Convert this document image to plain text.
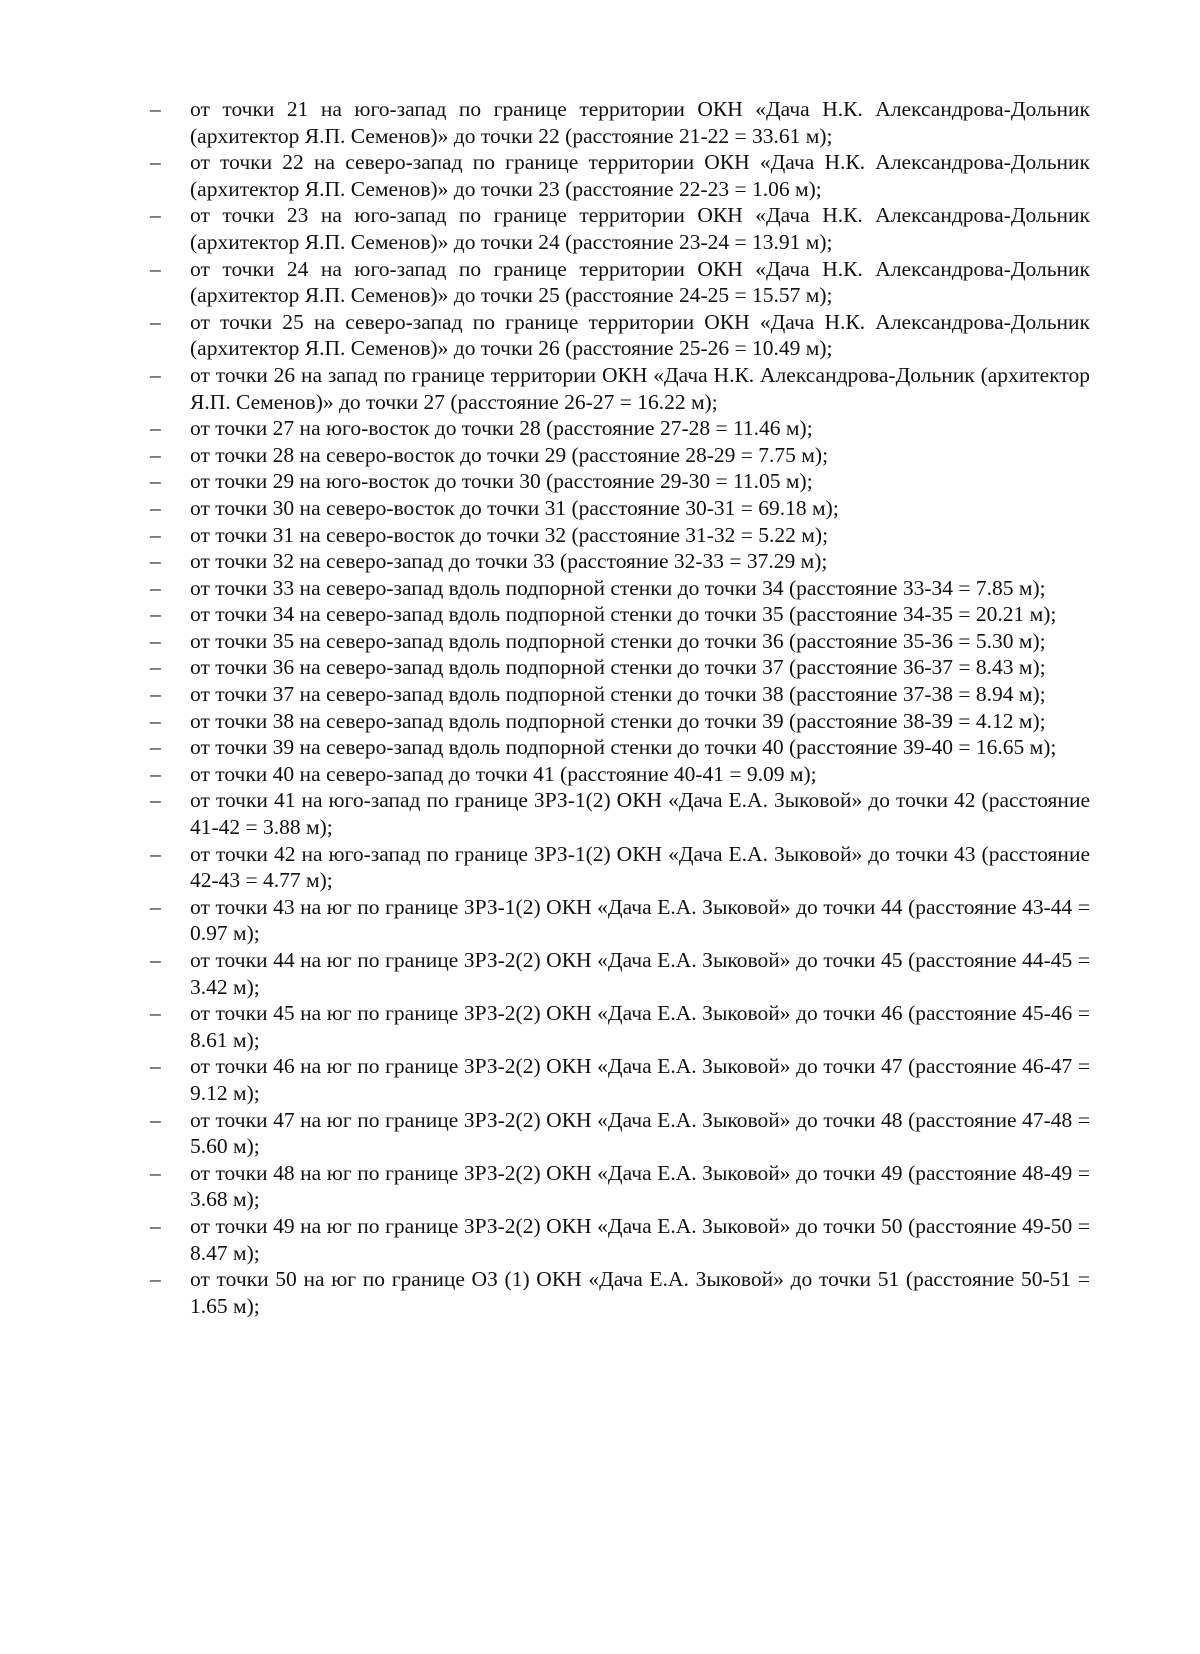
–	от точки 21 на юго-запад по границе территории ОКН «Дача Н.К. Александрова-Дольник (архитектор Я.П. Семенов)» до точки 22 (расстояние 21-22 = 33.61 м);
–	от точки 22 на северо-запад по границе территории ОКН «Дача Н.К. Александрова-Дольник (архитектор Я.П. Семенов)» до точки 23 (расстояние 22-23 = 1.06 м);
–	от точки 23 на юго-запад по границе территории ОКН «Дача Н.К. Александрова-Дольник (архитектор Я.П. Семенов)» до точки 24 (расстояние 23-24 = 13.91 м);
–	от точки 24 на юго-запад по границе территории ОКН «Дача Н.К. Александрова-Дольник (архитектор Я.П. Семенов)» до точки 25 (расстояние 24-25 = 15.57 м);
–	от точки 25 на северо-запад по границе территории ОКН «Дача Н.К. Александрова-Дольник (архитектор Я.П. Семенов)» до точки 26 (расстояние 25-26 = 10.49 м);
–	от точки 26 на запад по границе территории ОКН «Дача Н.К. Александрова-Дольник (архитектор Я.П. Семенов)» до точки 27 (расстояние 26-27 = 16.22 м);
–	от точки 27 на юго-восток до точки 28 (расстояние 27-28 = 11.46 м);
–	от точки 28 на северо-восток до точки 29 (расстояние 28-29 = 7.75 м);
–	от точки 29 на юго-восток до точки 30 (расстояние 29-30 = 11.05 м);
–	от точки 30 на северо-восток до точки 31 (расстояние 30-31 = 69.18 м);
–	от точки 31 на северо-восток до точки 32 (расстояние 31-32 = 5.22 м);
–	от точки 32 на северо-запад до точки 33 (расстояние 32-33 = 37.29 м);
–	от точки 33 на северо-запад вдоль подпорной стенки до точки 34 (расстояние 33-34 = 7.85 м);
–	от точки 34 на северо-запад вдоль подпорной стенки до точки 35 (расстояние 34-35 = 20.21 м);
–	от точки 35 на северо-запад вдоль подпорной стенки до точки 36 (расстояние 35-36 = 5.30 м);
–	от точки 36 на северо-запад вдоль подпорной стенки до точки 37 (расстояние 36-37 = 8.43 м);
–	от точки 37 на северо-запад вдоль подпорной стенки до точки 38 (расстояние 37-38 = 8.94 м);
–	от точки 38 на северо-запад вдоль подпорной стенки до точки 39 (расстояние 38-39 = 4.12 м);
–	от точки 39 на северо-запад вдоль подпорной стенки до точки 40 (расстояние 39-40 = 16.65 м);
–	от точки 40 на северо-запад до точки 41 (расстояние 40-41 = 9.09 м);
–	от точки 41 на юго-запад по границе ЗРЗ-1(2) ОКН «Дача Е.А. Зыковой» до точки 42 (расстояние 41-42 = 3.88 м);
–	от точки 42 на юго-запад по границе ЗРЗ-1(2) ОКН «Дача Е.А. Зыковой» до точки 43 (расстояние 42-43 = 4.77 м);
–	от точки 43 на юг по границе ЗРЗ-1(2) ОКН «Дача Е.А. Зыковой» до точки 44 (расстояние 43-44 = 0.97 м);
–	от точки 44 на юг по границе ЗРЗ-2(2) ОКН «Дача Е.А. Зыковой» до точки 45 (расстояние 44-45 = 3.42 м);
–	от точки 45 на юг по границе ЗРЗ-2(2) ОКН «Дача Е.А. Зыковой» до точки 46 (расстояние 45-46 = 8.61 м);
–	от точки 46 на юг по границе ЗРЗ-2(2) ОКН «Дача Е.А. Зыковой» до точки 47 (расстояние 46-47 = 9.12 м);
–	от точки 47 на юг по границе ЗРЗ-2(2) ОКН «Дача Е.А. Зыковой» до точки 48 (расстояние 47-48 = 5.60 м);
–	от точки 48 на юг по границе ЗРЗ-2(2) ОКН «Дача Е.А. Зыковой» до точки 49 (расстояние 48-49 = 3.68 м);
–	от точки 49 на юг по границе ЗРЗ-2(2) ОКН «Дача Е.А. Зыковой» до точки 50 (расстояние 49-50 = 8.47 м);
–	от точки 50 на юг по границе ОЗ (1) ОКН «Дача Е.А. Зыковой» до точки 51 (расстояние 50-51 = 1.65 м);
